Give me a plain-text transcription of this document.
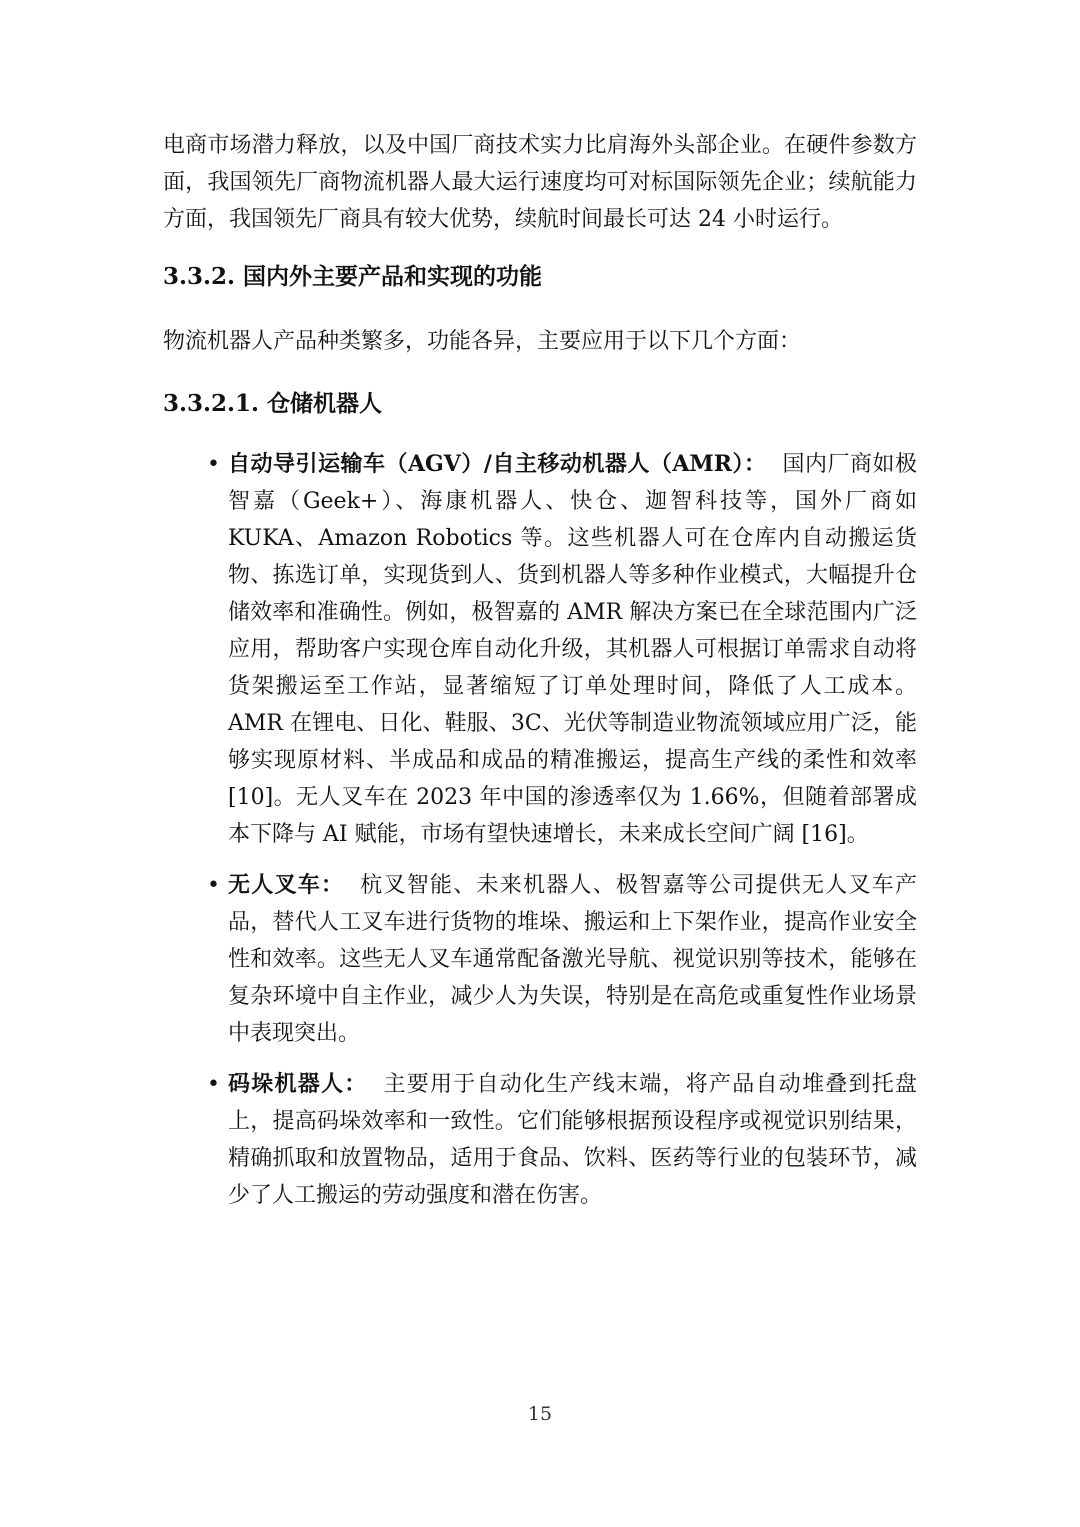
电商市场潜力释放，以及中国厂商技术实力比肩海外头部企业。在硬件参数方面，我国领先厂商物流机器人最大运行速度均可对标国际领先企业；续航能力方面，我国领先厂商具有较大优势，续航时间最长可达 24 小时运行。

3.3.2. 国内外主要产品和实现的功能

物流机器人产品种类繁多，功能各异，主要应用于以下几个方面：

3.3.2.1. 仓储机器人
• 自动导引运输车（AGV）/自主移动机器人（AMR）： 国内厂商如极智嘉（Geek+）、海康机器人、快仓、迦智科技等，国外厂商如 KUKA、Amazon Robotics 等。这些机器人可在仓库内自动搬运货物、拣选订单，实现货到人、货到机器人等多种作业模式，大幅提升仓储效率和准确性。例如，极智嘉的 AMR 解决方案已在全球范围内广泛应用，帮助客户实现仓库自动化升级，其机器人可根据订单需求自动将货架搬运至工作站，显著缩短了订单处理时间，降低了人工成本。AMR 在锂电、日化、鞋服、3C、光伏等制造业物流领域应用广泛，能够实现原材料、半成品和成品的精准搬运，提高生产线的柔性和效率 [10]。无人叉车在 2023 年中国的渗透率仅为 1.66%，但随着部署成本下降与 AI 赋能，市场有望快速增长，未来成长空间广阔 [16]。
• 无人叉车： 杭叉智能、未来机器人、极智嘉等公司提供无人叉车产品，替代人工叉车进行货物的堆垛、搬运和上下架作业，提高作业安全性和效率。这些无人叉车通常配备激光导航、视觉识别等技术，能够在复杂环境中自主作业，减少人为失误，特别是在高危或重复性作业场景中表现突出。
• 码垛机器人： 主要用于自动化生产线末端，将产品自动堆叠到托盘上，提高码垛效率和一致性。它们能够根据预设程序或视觉识别结果，精确抓取和放置物品，适用于食品、饮料、医药等行业的包装环节，减少了人工搬运的劳动强度和潜在伤害。
15
